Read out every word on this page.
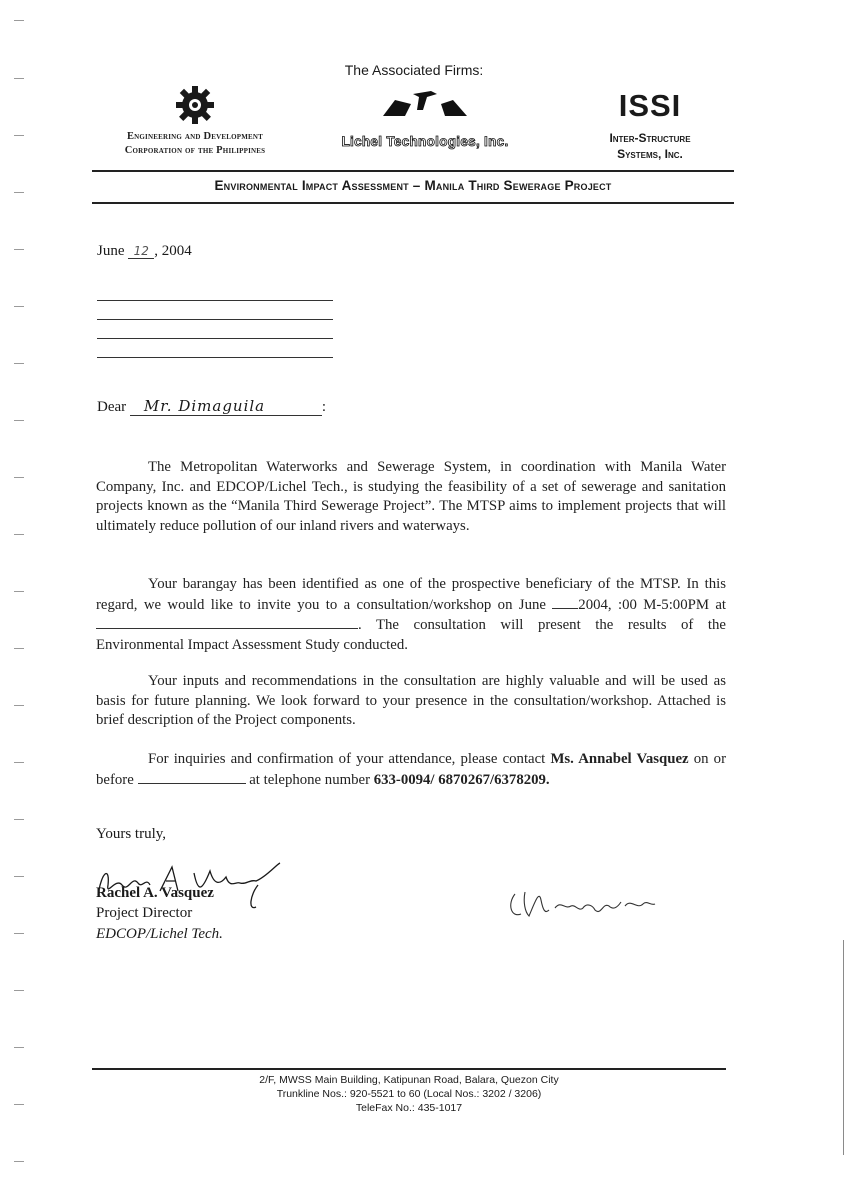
The Associated Firms:
Engineering and Development
Corporation of the Philippines
Lichel Technologies, Inc.
ISSI
Inter-Structure
Systems, Inc.
Environmental Impact Assessment – Manila Third Sewerage Project
June 12 , 2004
Dear Mr. Dimaguila	:

The Metropolitan Waterworks and Sewerage System, in coordination with Manila Water Company, Inc. and EDCOP/Lichel Tech., is studying the feasibility of a set of sewerage and sanitation projects known as the “Manila Third Sewerage Project”. The MTSP aims to implement projects that will ultimately reduce pollution of our inland rivers and waterways.

Your barangay has been identified as one of the prospective beneficiary of the MTSP. In this regard, we would like to invite you to a consultation/workshop on June 2004, :00 M-5:00PM at . The consultation will present the results of the Environmental Impact Assessment Study conducted.

Your inputs and recommendations in the consultation are highly valuable and will be used as basis for future planning. We look forward to your presence in the consultation/workshop. Attached is brief description of the Project components.

For inquiries and confirmation of your attendance, please contact Ms. Annabel Vasquez on or before	at telephone number 633-0094/ 6870267/6378209.

Yours truly,
Rachel A. Vasquez
Project Director
EDCOP/Lichel Tech.
2/F, MWSS Main Building, Katipunan Road, Balara, Quezon City
Trunkline Nos.: 920-5521 to 60 (Local Nos.: 3202 / 3206)
TeleFax No.: 435-1017
